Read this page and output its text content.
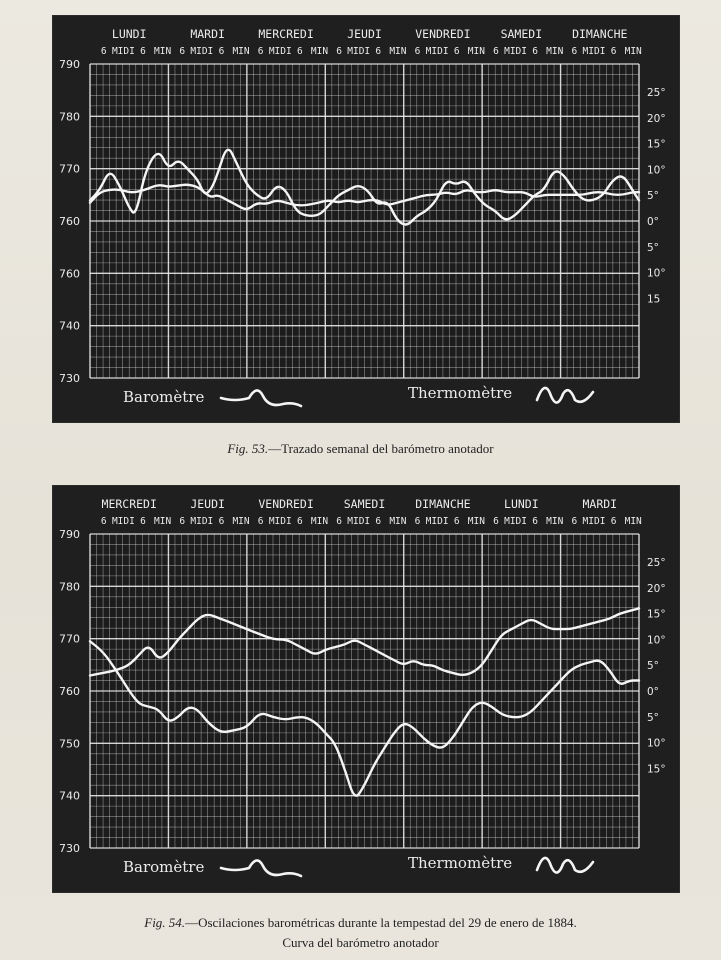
LUNDI
6 MIDI 6 MIN
MARDI
6 MIDI 6 MIN
MERCREDI
6 MIDI 6 MIN
JEUDI
6 MIDI 6 MIN
VENDREDI
6 MIDI 6 MIN
SAMEDI
6 MIDI 6 MIN
DIMANCHE
6 MIDI 6 MIN
730
740
760
760
770
780
790
15
10°
5°
0°
5°
10°
15°
20°
25°
Baromètre	Thermomètre
Fig. 53.—Trazado semanal del barómetro anotador
MERCREDI
6 MIDI 6 MIN
JEUDI
6 MIDI 6 MIN
VENDREDI
6 MIDI 6 MIN
SAMEDI
6 MIDI 6 MIN
DIMANCHE
6 MIDI 6 MIN
LUNDI
6 MIDI 6 MIN
MARDI
6 MIDI 6 MIN
730
740
750
760
770
780
790
15°
10°
5°
0°
5°
10°
15°
20°
25°
Baromètre	Thermomètre
Fig. 54.—Oscilaciones barométricas durante la tempestad del 29 de enero de 1884.
Curva del barómetro anotador
